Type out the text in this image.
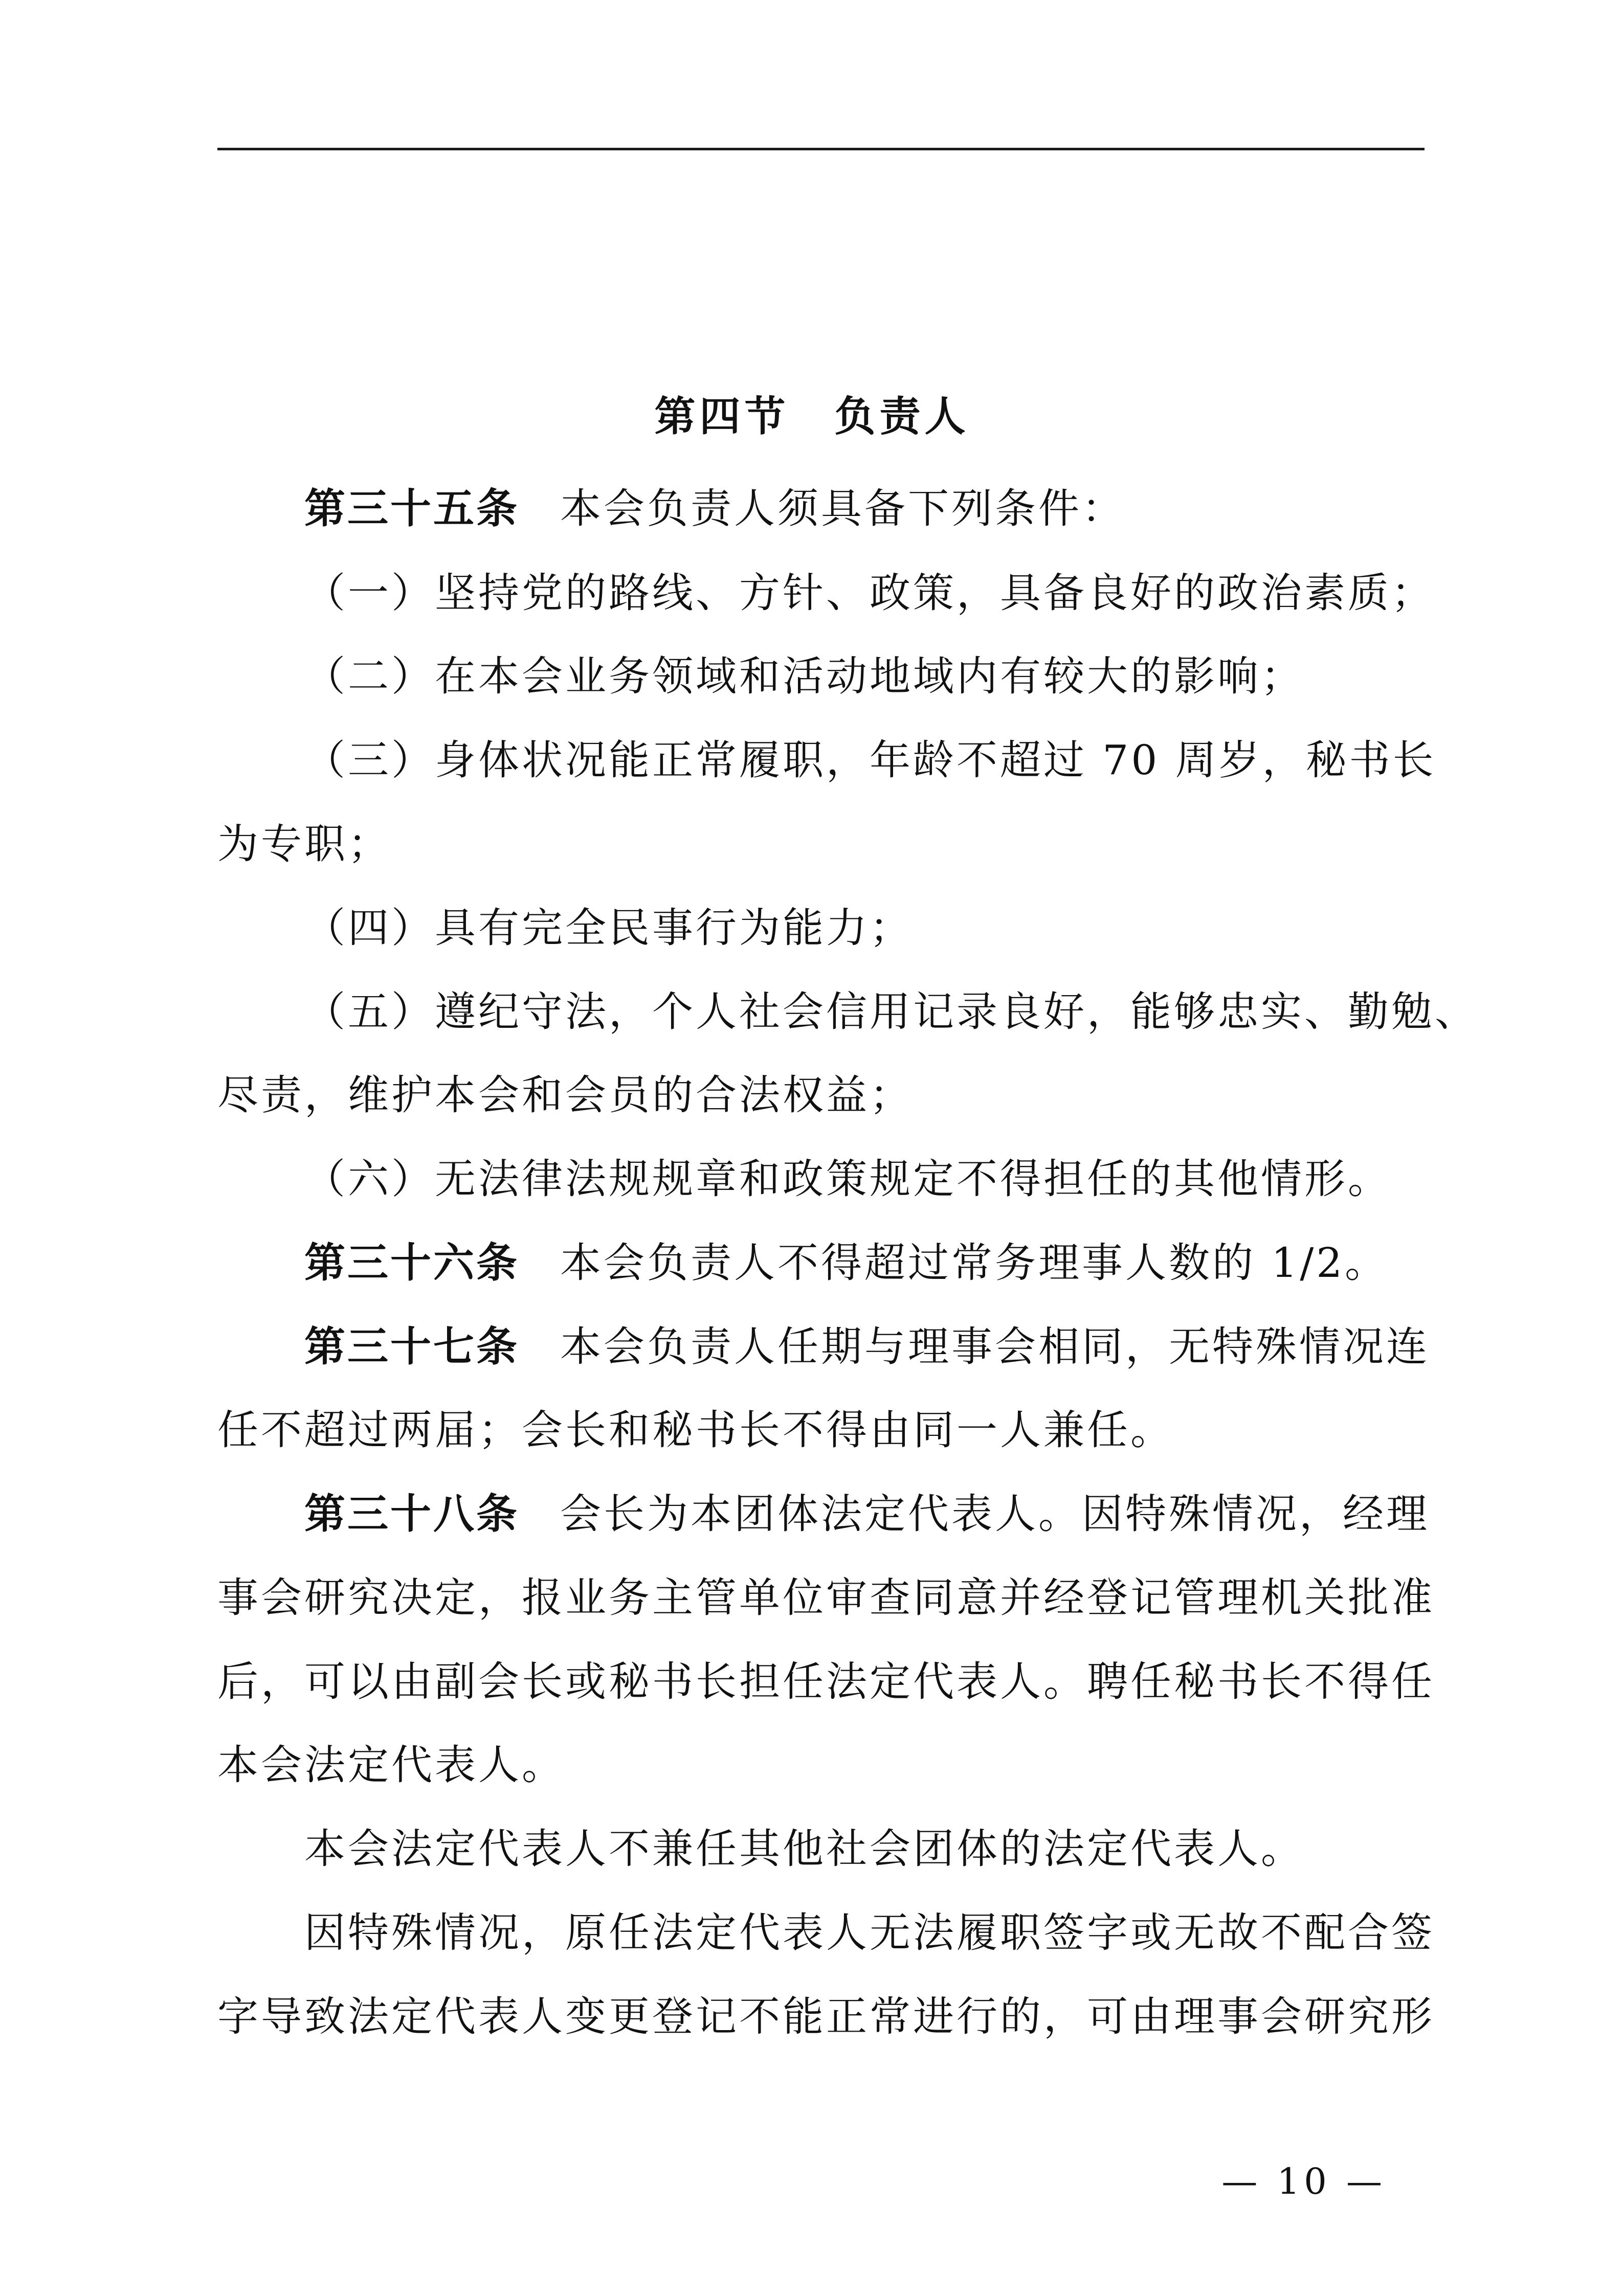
第四节　负责人
第三十五条 本会负责人须具备下列条件：
（一）坚持党的路线、方针、政策，具备良好的政治素质；
（二）在本会业务领域和活动地域内有较大的影响；
（三）身体状况能正常履职，年龄不超过 70 周岁，秘书长
为专职；
（四）具有完全民事行为能力；
（五）遵纪守法，个人社会信用记录良好，能够忠实、勤勉、
尽责，维护本会和会员的合法权益；
（六）无法律法规规章和政策规定不得担任的其他情形。
第三十六条 本会负责人不得超过常务理事人数的 1/2。
第三十七条 本会负责人任期与理事会相同，无特殊情况连
任不超过两届；会长和秘书长不得由同一人兼任。
第三十八条 会长为本团体法定代表人。因特殊情况，经理
事会研究决定，报业务主管单位审查同意并经登记管理机关批准
后，可以由副会长或秘书长担任法定代表人。聘任秘书长不得任
本会法定代表人。
本会法定代表人不兼任其他社会团体的法定代表人。
因特殊情况，原任法定代表人无法履职签字或无故不配合签
字导致法定代表人变更登记不能正常进行的，可由理事会研究形
— 10 —
